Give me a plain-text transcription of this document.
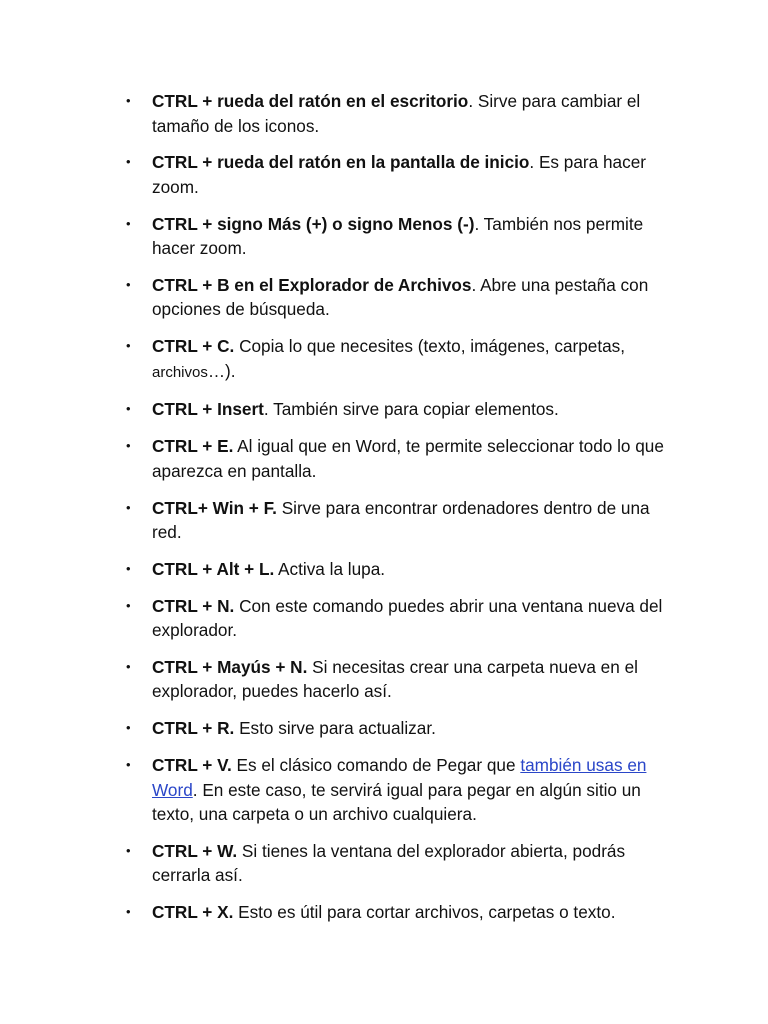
• CTRL + rueda del ratón en el escritorio. Sirve para cambiar el tamaño de los iconos.
• CTRL + rueda del ratón en la pantalla de inicio. Es para hacer zoom.
• CTRL + signo Más (+) o signo Menos (-). También nos permite hacer zoom.
• CTRL + B en el Explorador de Archivos. Abre una pestaña con opciones de búsqueda.
• CTRL + C. Copia lo que necesites (texto, imágenes, carpetas, archivos…).
• CTRL + Insert. También sirve para copiar elementos.
• CTRL + E. Al igual que en Word, te permite seleccionar todo lo que aparezca en pantalla.
• CTRL+ Win + F. Sirve para encontrar ordenadores dentro de una red.
• CTRL + Alt + L. Activa la lupa.
• CTRL + N. Con este comando puedes abrir una ventana nueva del explorador.
• CTRL + Mayús + N. Si necesitas crear una carpeta nueva en el explorador, puedes hacerlo así.
• CTRL + R. Esto sirve para actualizar.
• CTRL + V. Es el clásico comando de Pegar que también usas en Word. En este caso, te servirá igual para pegar en algún sitio un texto, una carpeta o un archivo cualquiera.
• CTRL + W. Si tienes la ventana del explorador abierta, podrás cerrarla así.
• CTRL + X. Esto es útil para cortar archivos, carpetas o texto.
